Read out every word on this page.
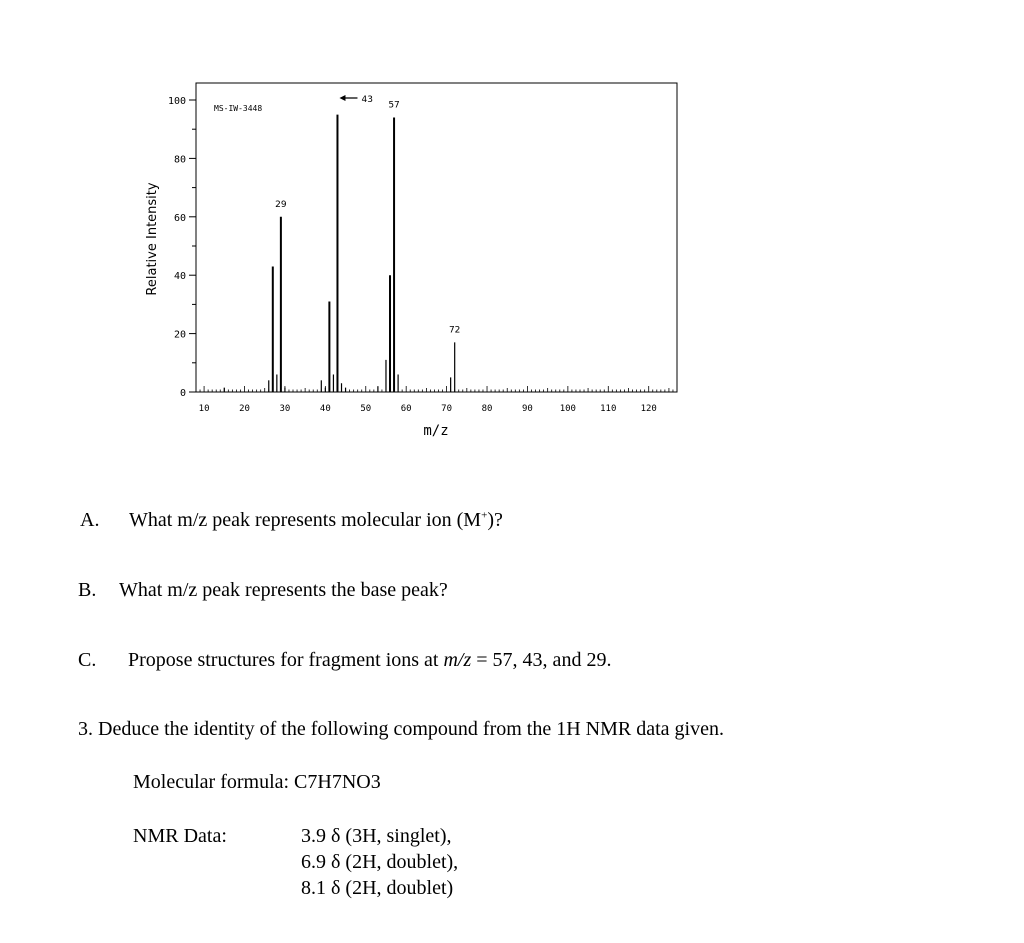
10	20	30	40	50	60	70	80	90	100	110	120
0
20
40
60
80
100
29
43
57
72
MS-IW-3448
m/z
Relative Intensity
A. What m/z peak represents molecular ion (M+)?
B. What m/z peak represents the base peak?
C. Propose structures for fragment ions at m/z = 57, 43, and 29.
3. Deduce the identity of the following compound from the 1H NMR data given.
Molecular formula: C7H7NO3
NMR Data:	3.9 δ (3H, singlet),
6.9 δ (2H, doublet),
8.1 δ (2H, doublet)
